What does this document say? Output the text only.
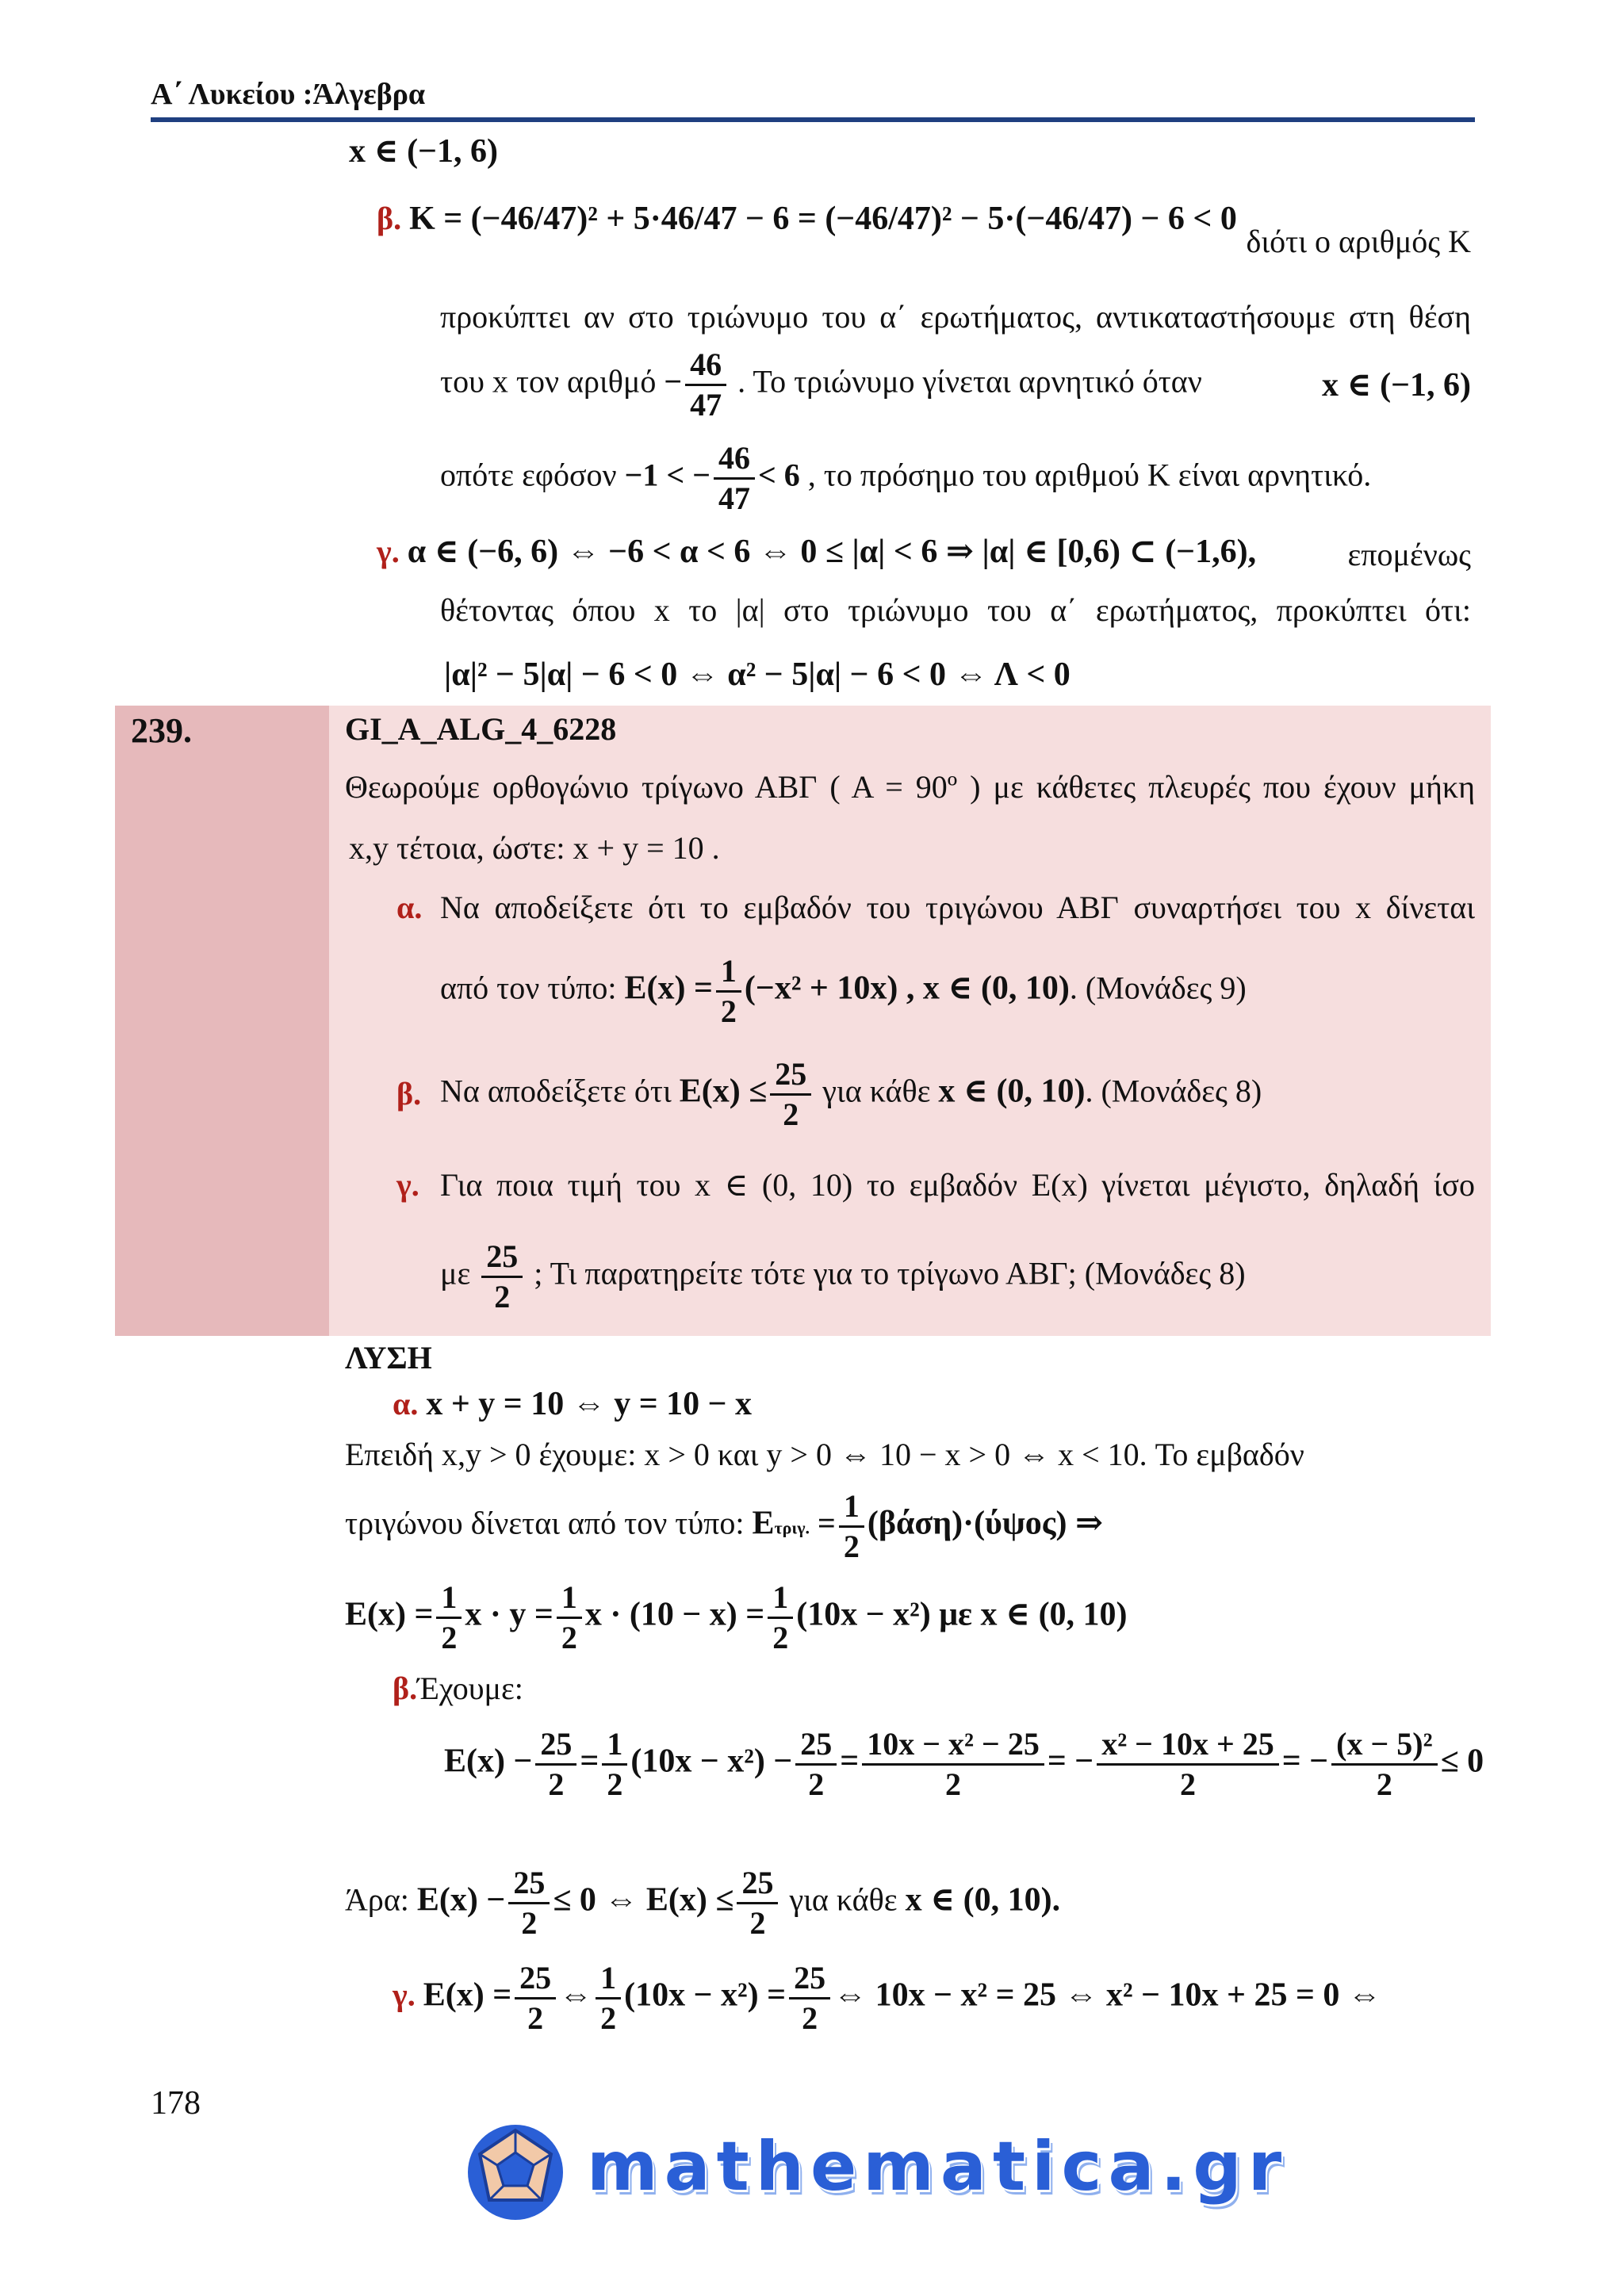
Α΄ Λυκείου :Άλγεβρα
x ∈ (−1, 6)
β. Κ = (−46/47)² + 5·46/47 − 6 = (−46/47)² − 5·(−46/47) − 6 < 0
διότι ο αριθμός Κ
προκύπτει αν στο τριώνυμο του α΄ ερωτήματος, αντικαταστήσουμε στη θέση
του x τον $\alpha\rho\iota\theta\mu ό - \frac{46}{47}$ . Το τριώνυμο γίνεται αρνητικό όταν	x ∈ (−1, 6)
οπότε εφόσον −1 < − $\frac{46}{47} < 6$ , το πρόσημο του αριθμού Κ είναι αρνητικό.
γ. α ∈ (−6, 6) ⇔ −6 < α < 6 ⇔ 0 ≤ |α| < 6 ⇒ |α| ∈ [0,6) ⊂ (−1,6),	επομένως
θέτοντας όπου x το |α| στο τριώνυμο του α΄ ερωτήματος, προκύπτει ότι:
|α|² − 5|α| − 6 < 0 ⇔ α² − 5|α| − 6 < 0 ⇔ Λ < 0
239.	GI_A_ALG_4_6228
Θεωρούμε ορθογώνιο τρίγωνο ΑΒΓ ( Α = 90º ) με κάθετες πλευρές που έχουν μήκη
x,y τέτοια, ώστε: x + y = 10 .
α. Να αποδείξετε ότι το εμβαδόν του τριγώνου ΑΒΓ συναρτήσει του x δίνεται
από τον τύπο: $E(x) = \frac{1}{2} (-x^2 + 10x)$ , x ∈ (0, 10). (Μονάδες 9)
β. Να αποδείξετε ότι $E(x) \le \frac{25}{2}$ για κάθε x ∈ (0, 10). (Μονάδες 8)
γ. Για ποια τιμή του x ∈ (0, 10) το εμβαδόν E(x) γίνεται μέγιστο, δηλαδή ίσο
με $\frac{25}{2}$ ; Τι παρατηρείτε τότε για το τρίγωνο ΑΒΓ; (Μονάδες 8)
ΛΥΣΗ
α. x + y = 10 ⇔ y = 10 − x
Επειδή x,y > 0 έχουμε: x > 0 και y > 0 ⇔ 10 − x > 0 ⇔ x < 10. Το εμβαδόν
τριγώνου δίνεται από τον τύπο: Ετριγ. = $\frac{1}{2} (\beta ά\sigma\eta)\cdot(ύ\psi o\varsigma)$ ⇒
$E(x) = \frac{1}{2}$ $x \cdot y = \frac{1}{2}$ $x \cdot (10 - x) = \frac{1}{2} (10x - x^2)$ με x ∈ (0, 10)
β.Έχουμε:
$E(x) - \frac{25}{2} = \frac{1}{2} (10x - x^2) - \frac{25}{2} = \frac{\text{10x − x² − 25}}{2}$ = − $\frac{\text{x² − 10x + 25}}{2}$ = − $\frac{\text{(x − 5)²}}{2} \le 0$
Άρα: $E(x) - \frac{25}{2} \le 0$ ⇔ $E(x) \le \frac{25}{2}$ για κάθε x ∈ (0, 10).
γ. $E(x) = \frac{25}{2}$ ⇔ $\frac{1}{2} (10x - x^2) = \frac{25}{2}$ ⇔ 10x − x² = 25 ⇔ x² − 10x + 25 = 0 ⇔
178
mathematica.gr
